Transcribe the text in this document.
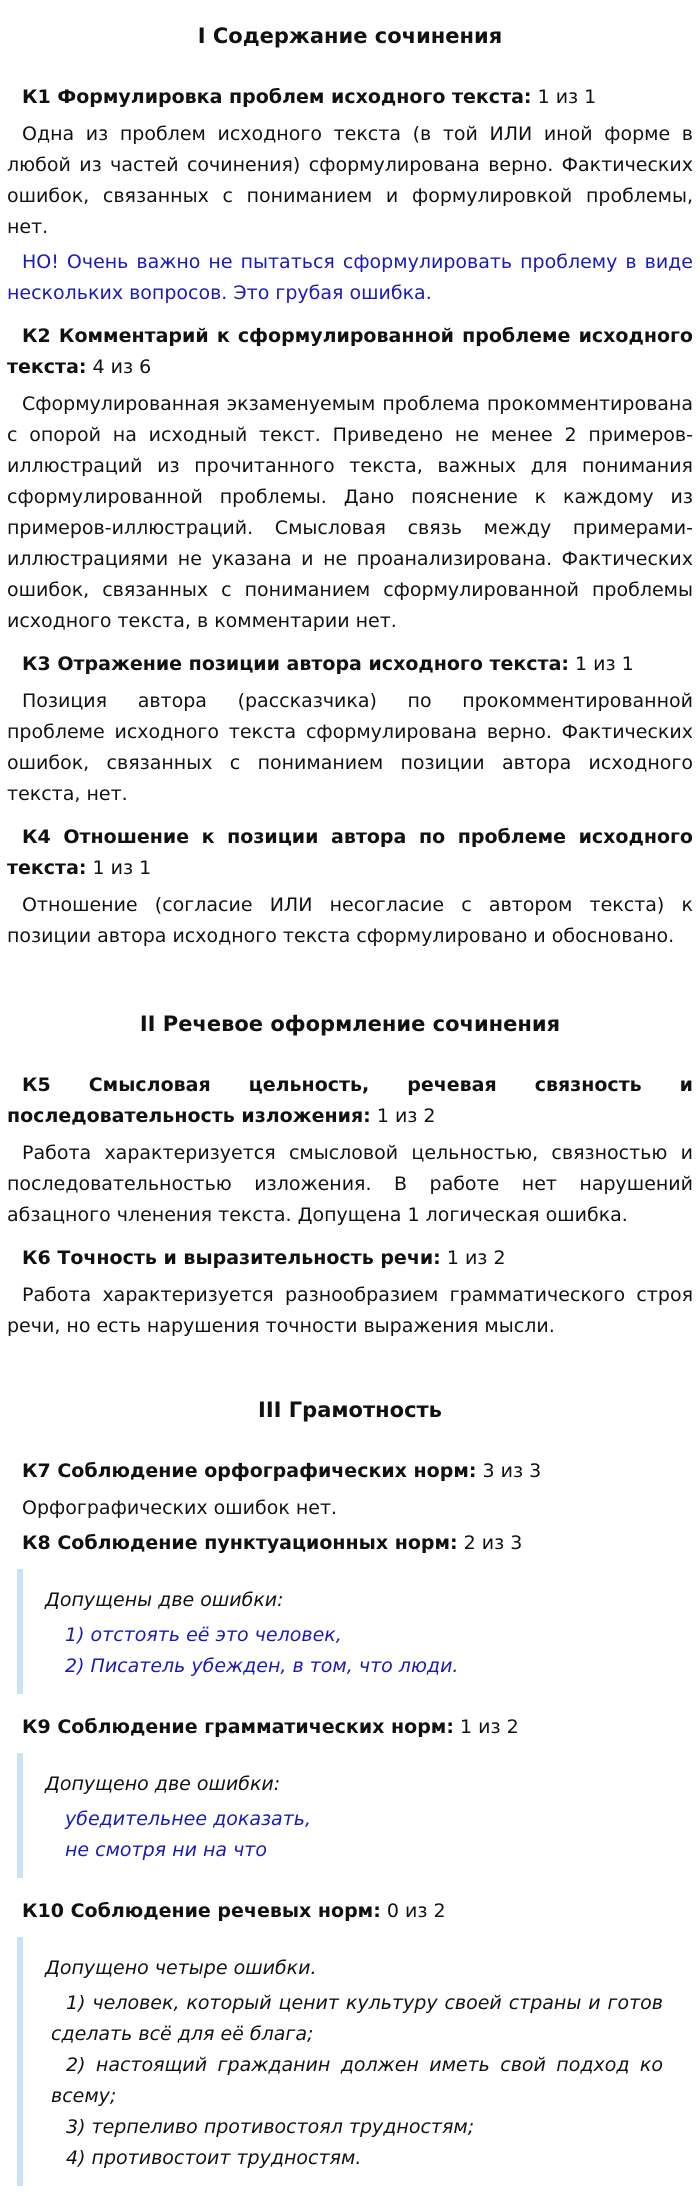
I Содержание сочинения
К1 Формулировка проблем исходного текста: 1 из 1

Одна из проблем исходного текста (в той ИЛИ иной форме в любой из частей сочинения) сформулирована верно. Фактических ошибок, связанных с пониманием и формулировкой проблемы, нет.

НО! Очень важно не пытаться сформулировать проблему в виде нескольких вопросов. Это грубая ошибка.

К2 Комментарий к сформулированной проблеме исходного текста: 4 из 6

Сформулированная экзаменуемым проблема прокомментирована с опорой на исходный текст. Приведено не менее 2 примеров-иллюстраций из прочитанного текста, важных для понимания сформулированной проблемы. Дано пояснение к каждому из примеров-иллюстраций. Смысловая связь между примерами-иллюстрациями не указана и не проанализирована. Фактических ошибок, связанных с пониманием сформулированной проблемы исходного текста, в комментарии нет.

К3 Отражение позиции автора исходного текста: 1 из 1

Позиция автора (рассказчика) по прокомментированной проблеме исходного текста сформулирована верно. Фактических ошибок, связанных с пониманием позиции автора исходного текста, нет.

К4 Отношение к позиции автора по проблеме исходного текста: 1 из 1

Отношение (согласие ИЛИ несогласие с автором текста) к позиции автора исходного текста сформулировано и обосновано.

II Речевое оформление сочинения
К5 Смысловая цельность, речевая связность и последовательность изложения: 1 из 2

Работа характеризуется смысловой цельностью, связностью и последовательностью изложения. В работе нет нарушений абзацного членения текста. Допущена 1 логическая ошибка.

К6 Точность и выразительность речи: 1 из 2

Работа характеризуется разнообразием грамматического строя речи, но есть нарушения точности выражения мысли.

III Грамотность
К7 Соблюдение орфографических норм: 3 из 3

Орфографических ошибок нет.

К8 Соблюдение пунктуационных норм: 2 из 3

Допущены две ошибки:

1) отстоять её это человек,

2) Писатель убежден, в том, что люди.

К9 Соблюдение грамматических норм: 1 из 2

Допущено две ошибки:

убедительнее доказать,

не смотря ни на что

К10 Соблюдение речевых норм: 0 из 2

Допущено четыре ошибки.

1) человек, который ценит культуру своей страны и готов сделать всё для её блага;

2) настоящий гражданин должен иметь свой подход ко всему;

3) терпеливо противостоял трудностям;

4) противостоит трудностям.
